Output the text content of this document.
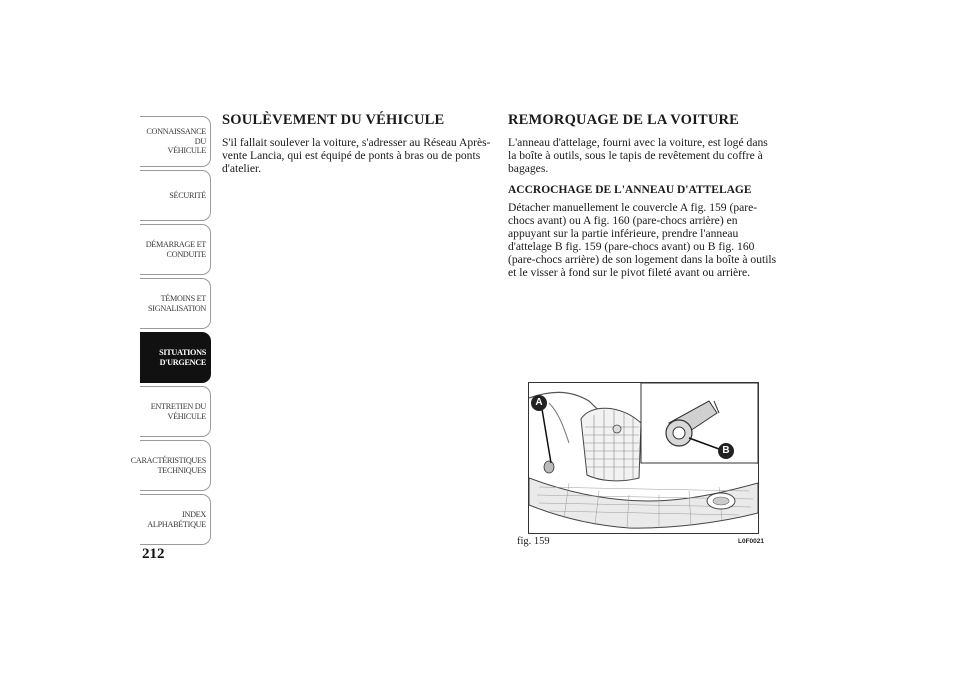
CONNAISSANCE DU
VÉHICULE
SÉCURITÉ
DÉMARRAGE ET
CONDUITE
TÉMOINS ET
SIGNALISATION
SITUATIONS
D'URGENCE
ENTRETIEN DU
VÉHICULE
CARACTÉRISTIQUES
TECHNIQUES
INDEX
ALPHABÉTIQUE
212
SOULÈVEMENT DU VÉHICULE

S'il fallait soulever la voiture, s'adresser au Réseau Après-vente Lancia, qui est équipé de ponts à bras ou de ponts d'atelier.

REMORQUAGE DE LA VOITURE

L'anneau d'attelage, fourni avec la voiture, est logé dans la boîte à outils, sous le tapis de revêtement du coffre à bagages.

ACCROCHAGE DE L'ANNEAU D'ATTELAGE

Détacher manuellement le couvercle A fig. 159 (pare-chocs avant) ou A fig. 160 (pare-chocs arrière) en appuyant sur la partie inférieure, prendre l'anneau d'attelage B fig. 159 (pare-chocs avant) ou B fig. 160 (pare-chocs arrière) de son logement dans la boîte à outils et le visser à fond sur le pivot fileté avant ou arrière.

A
B
fig. 159	L0F0021
